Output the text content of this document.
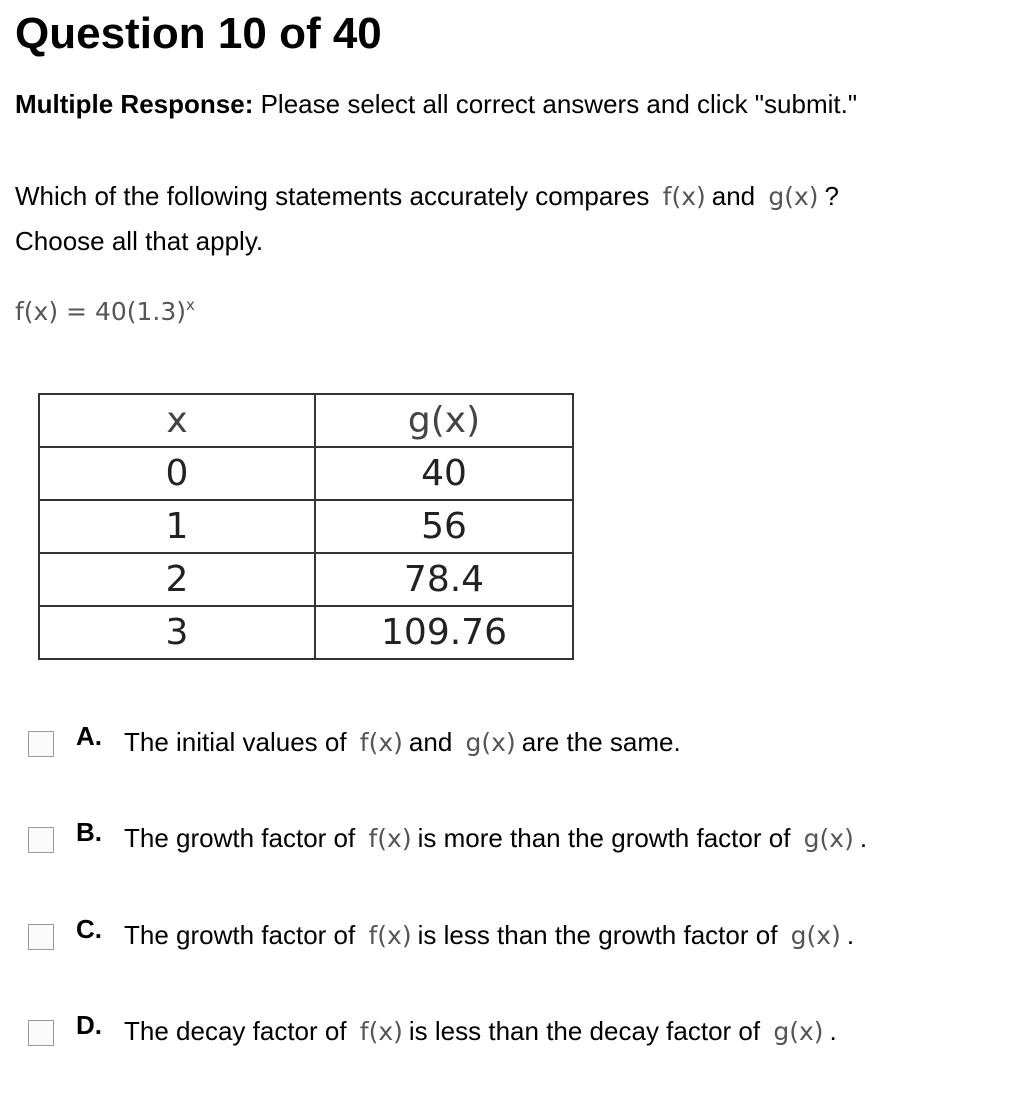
Question 10 of 40
Multiple Response: Please select all correct answers and click "submit."
Which of the following statements accurately compares f(x) and g(x) ?
Choose all that apply.
$f(x) = 40(1.3)^x$
x	g(x)
0	40
1	56
2	78.4
3	109.76
A. The initial values of f(x) and g(x) are the same.
B. The growth factor of f(x) is more than the growth factor of g(x) .
C. The growth factor of f(x) is less than the growth factor of g(x) .
D. The decay factor of f(x) is less than the decay factor of g(x) .
